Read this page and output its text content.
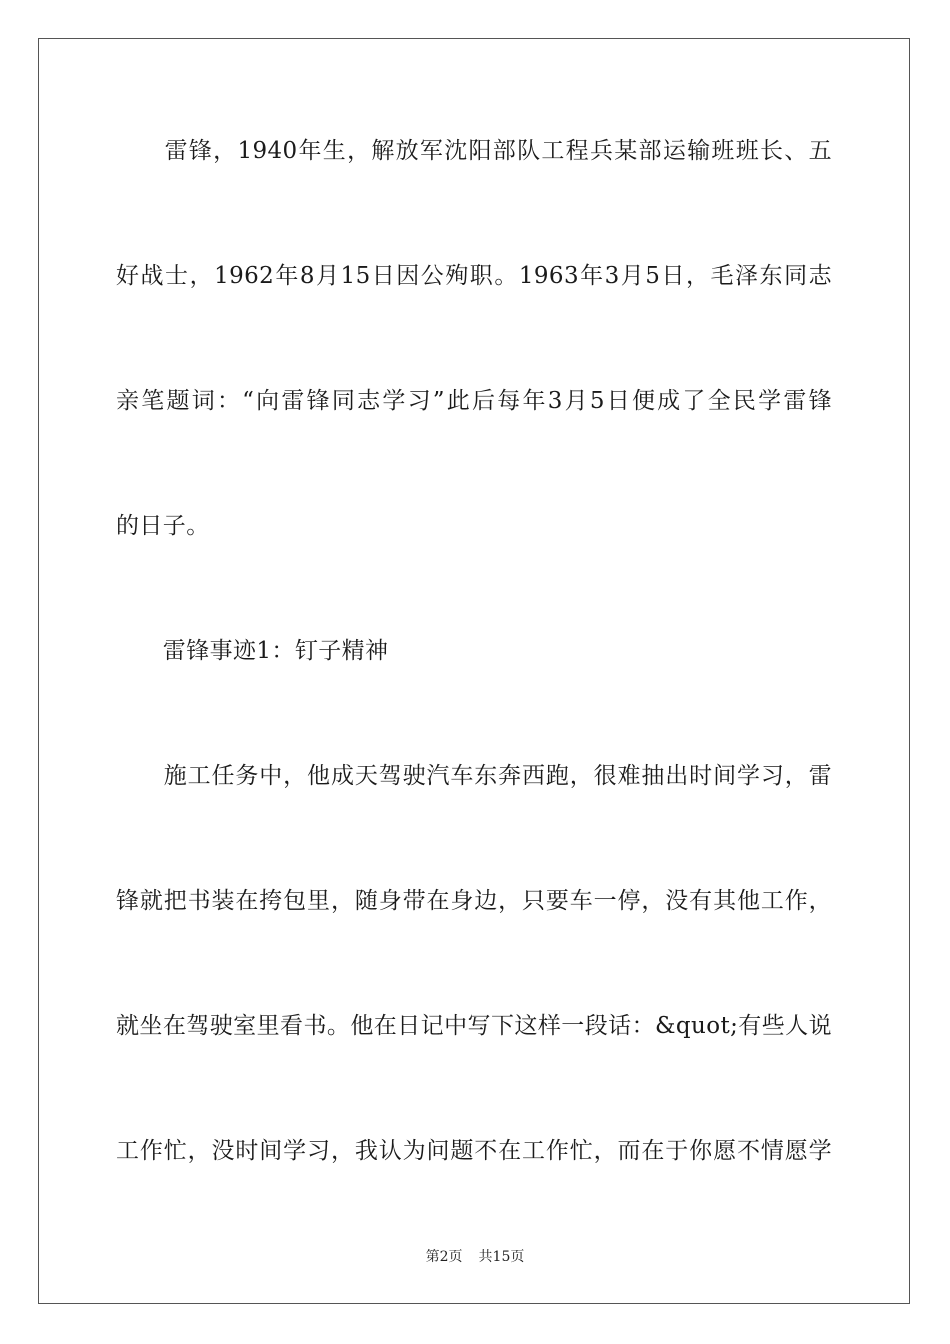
　　雷锋，1940年生，解放军沈阳部队工程兵某部运输班班长、五
好战士，1962年8月15日因公殉职。1963年3月5日，毛泽东同志
亲笔题词：“向雷锋同志学习”此后每年3月5日便成了全民学雷锋
的日子。
　　雷锋事迹1：钉子精神
　　施工任务中，他成天驾驶汽车东奔西跑，很难抽出时间学习，雷
锋就把书装在挎包里，随身带在身边，只要车一停，没有其他工作，
就坐在驾驶室里看书。他在日记中写下这样一段话：&quot;有些人说
工作忙，没时间学习，我认为问题不在工作忙，而在于你愿不情愿学
第2页 共15页
